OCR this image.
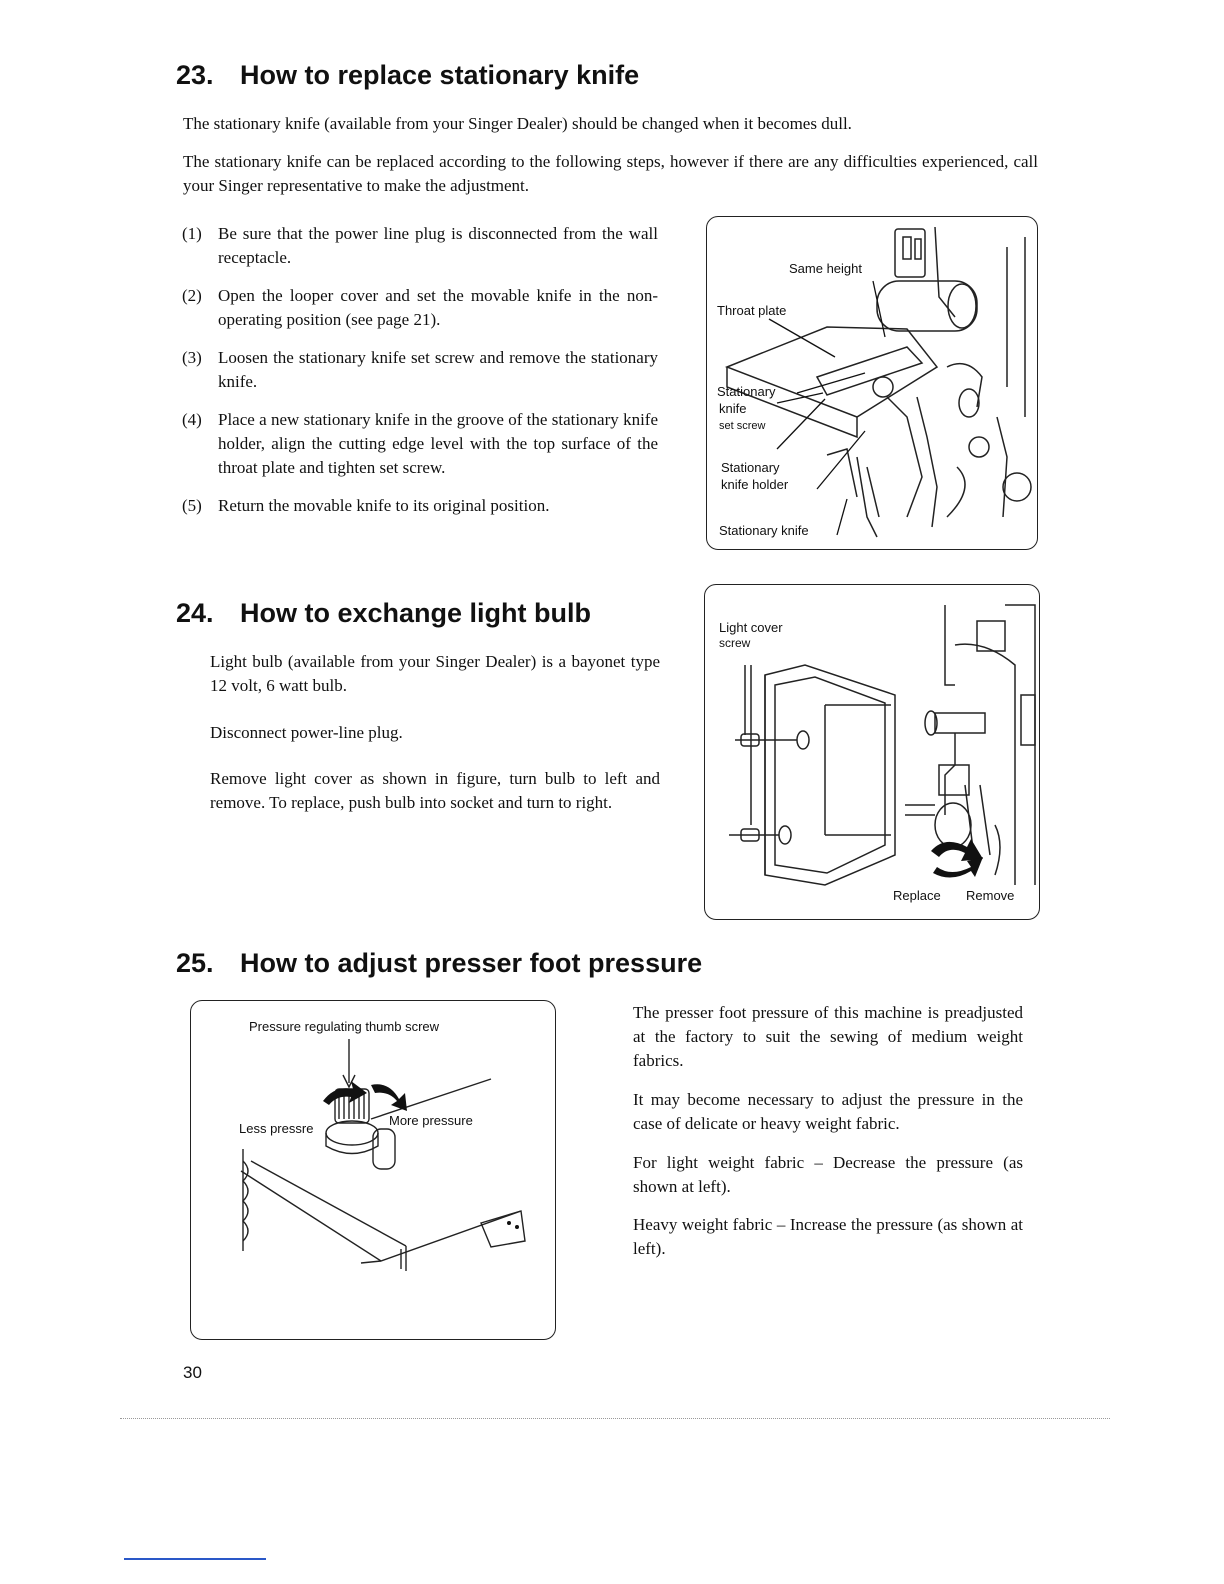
23. How to replace stationary knife

The stationary knife (available from your Singer Dealer) should be changed when it becomes dull.

The stationary knife can be replaced according to the following steps, however if there are any difficulties experienced, call your Singer representative to make the adjustment.

(1) Be sure that the power line plug is disconnected from the wall receptacle.
(2) Open the looper cover and set the movable knife in the non-operating position (see page 21).
(3) Loosen the stationary knife set screw and remove the stationary knife.
(4) Place a new stationary knife in the groove of the stationary knife holder, align the cutting edge level with the top surface of the throat plate and tighten set screw.
(5) Return the movable knife to its original position.
Same height
Throat plate
Stationary
knife
set screw
Stationary
knife holder
Stationary knife
24. How to exchange light bulb

Light bulb (available from your Singer Dealer) is a bayonet type 12 volt, 6 watt bulb.

Disconnect power-line plug.

Remove light cover as shown in figure, turn bulb to left and remove. To replace, push bulb into socket and turn to right.

Light cover
screw
Replace Remove
25. How to adjust presser foot pressure
Pressure regulating thumb screw
Less pressre
More pressure

The presser foot pressure of this machine is preadjusted at the factory to suit the sewing of medium weight fabrics.

It may become necessary to adjust the pressure in the case of delicate or heavy weight fabric.

For light weight fabric – Decrease the pressure (as shown at left).

Heavy weight fabric – Increase the pressure (as shown at left).

30
